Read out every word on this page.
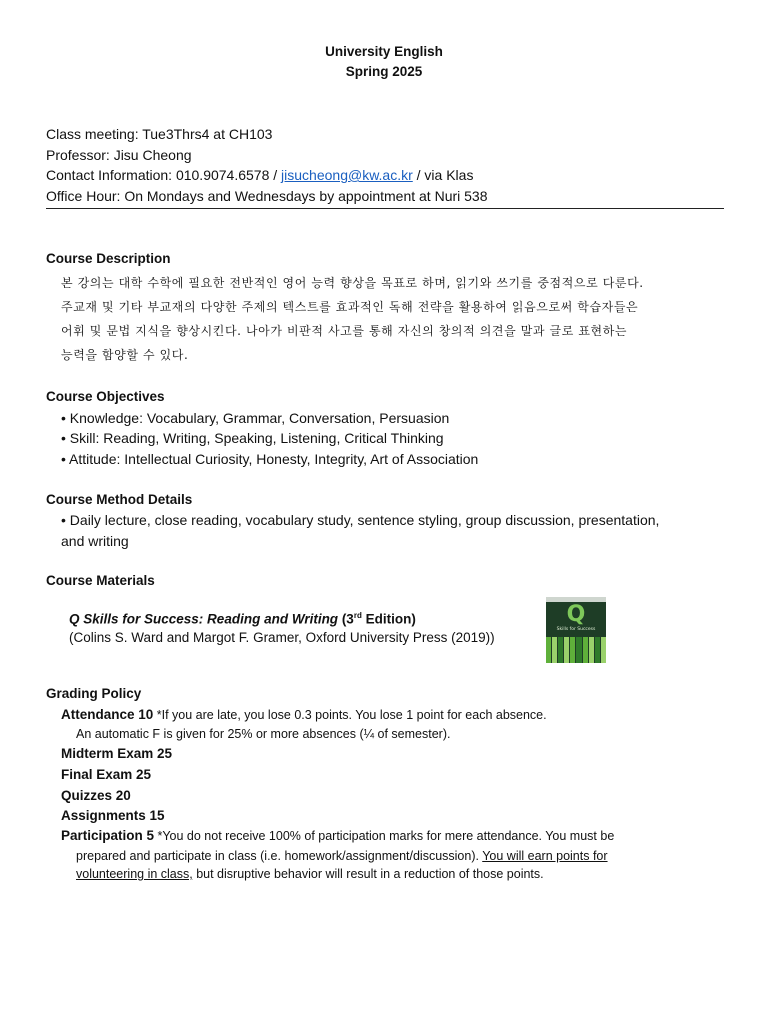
University English
Spring 2025
Class meeting: Tue3Thrs4 at CH103
Professor: Jisu Cheong
Contact Information: 010.9074.6578 / jisucheong@kw.ac.kr / via Klas
Office Hour: On Mondays and Wednesdays by appointment at Nuri 538
Course Description
본 강의는 대학 수학에 필요한 전반적인 영어 능력 향상을 목표로 하며, 읽기와 쓰기를 중점적으로 다룬다.
주교재 및 기타 부교재의 다양한 주제의 텍스트를 효과적인 독해 전략을 활용하여 읽음으로써 학습자들은
어휘 및 문법 지식을 향상시킨다. 나아가 비판적 사고를 통해 자신의 창의적 의견을 말과 글로 표현하는
능력을 함양할 수 있다.
Course Objectives
• Knowledge: Vocabulary, Grammar, Conversation, Persuasion
• Skill: Reading, Writing, Speaking, Listening, Critical Thinking
• Attitude: Intellectual Curiosity, Honesty, Integrity, Art of Association
Course Method Details
• Daily lecture, close reading, vocabulary study, sentence styling, group discussion, presentation,
and writing
Course Materials
Q Skills for Success: Reading and Writing (3rd Edition)
(Colins S. Ward and Margot F. Gramer, Oxford University Press (2019))
Q
Skills for Success
Grading Policy
Attendance 10 *If you are late, you lose 0.3 points. You lose 1 point for each absence.
An automatic F is given for 25% or more absences (¼ of semester).
Midterm Exam 25
Final Exam 25
Quizzes 20
Assignments 15
Participation 5 *You do not receive 100% of participation marks for mere attendance. You must be
prepared and participate in class (i.e. homework/assignment/discussion). You will earn points for
volunteering in class, but disruptive behavior will result in a reduction of those points.
